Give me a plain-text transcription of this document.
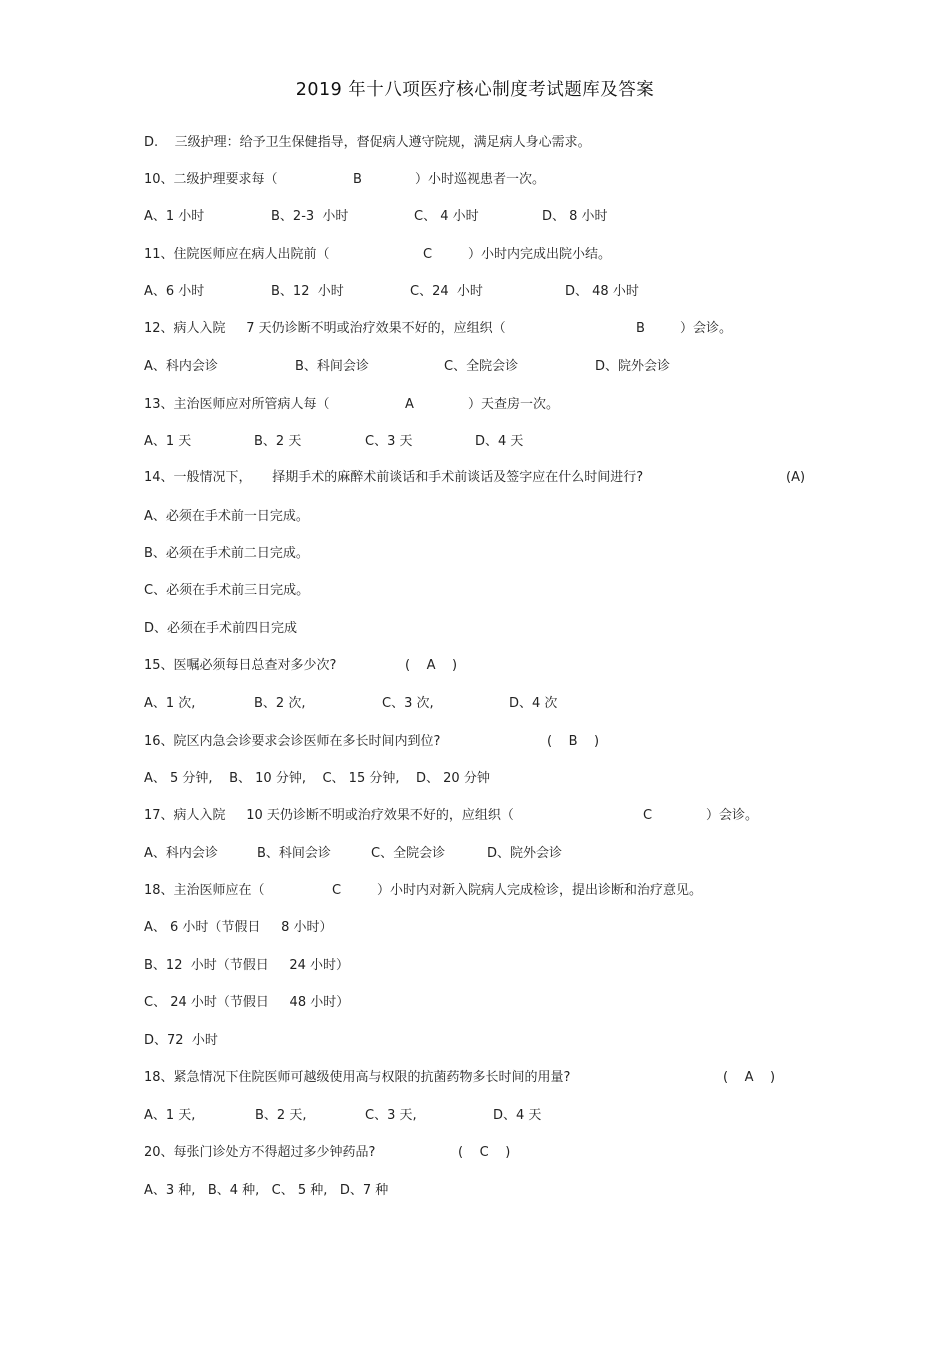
2019 年十八项医疗核心制度考试题库及答案
D.    三级护理：给予卫生保健指导，督促病人遵守院规，满足病人身心需求。
10、二级护理要求每（	B	）小时巡视患者一次。
A、1 小时	B、2-3  小时	C、 4 小时	D、 8 小时
11、住院医师应在病人出院前（	C	）小时内完成出院小结。
A、6 小时	B、12  小时	C、24  小时	D、 48 小时
12、病人入院     7 天仍诊断不明或治疗效果不好的，应组织（	B	）会诊。
A、科内会诊	B、科间会诊	C、全院会诊	D、院外会诊
13、主治医师应对所管病人每（	A	）天查房一次。
A、1 天	B、2 天	C、3 天	D、4 天
14、一般情况下，     择期手术的麻醉术前谈话和手术前谈话及签字应在什么时间进行?	(A)
A、必须在手术前一日完成。
B、必须在手术前二日完成。
C、必须在手术前三日完成。
D、必须在手术前四日完成
15、医嘱必须每日总查对多少次?	(    A    )
A、1 次,	B、2 次,	C、3 次,	D、4 次
16、院区内急会诊要求会诊医师在多长时间内到位?	(    B    )
A、 5 分钟,    B、 10 分钟,    C、 15 分钟,    D、 20 分钟
17、病人入院     10 天仍诊断不明或治疗效果不好的，应组织（	C	）会诊。
A、科内会诊	B、科间会诊	C、全院会诊	D、院外会诊
18、主治医师应在（	C	）小时内对新入院病人完成检诊，提出诊断和治疗意见。
A、 6 小时（节假日     8 小时）
B、12  小时（节假日     24 小时）
C、 24 小时（节假日     48 小时）
D、72  小时
18、紧急情况下住院医师可越级使用高与权限的抗菌药物多长时间的用量?	(    A    )
A、1 天,	B、2 天,	C、3 天,	D、4 天
20、每张门诊处方不得超过多少钟药品?	(    C    )
A、3 种,   B、4 种,   C、 5 种,   D、7 种
